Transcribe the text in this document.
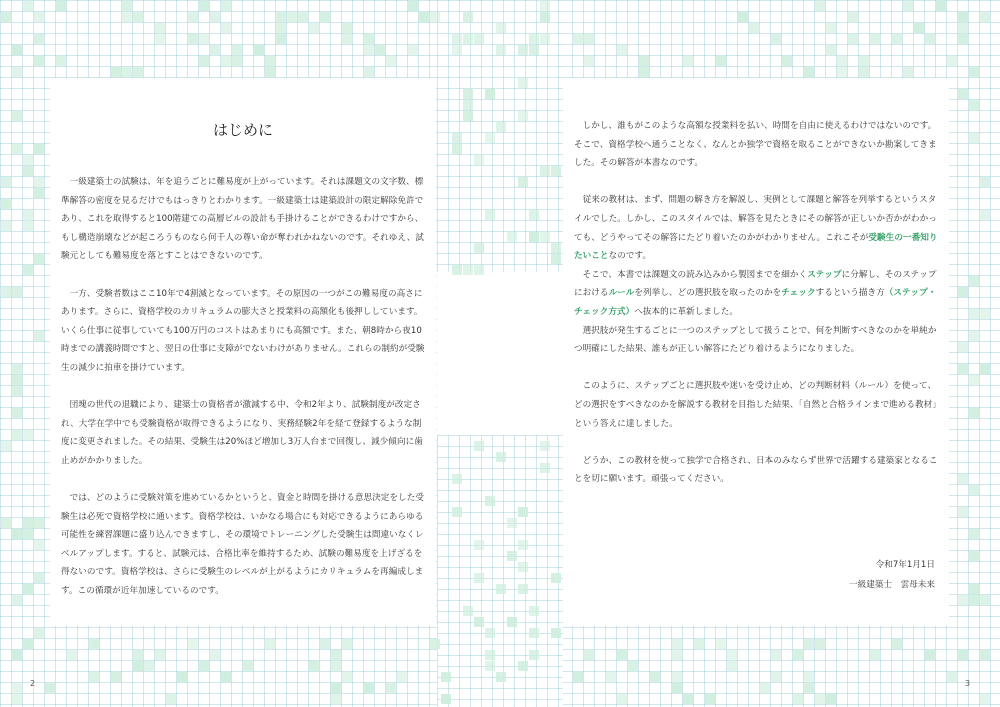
はじめに

一級建築士の試験は、年を追うごとに難易度が上がっています。それは課題文の文字数、標準解答の密度を見るだけでもはっきりとわかります。一級建築士は建築設計の限定解除免許であり、これを取得すると100階建ての高層ビルの設計も手掛けることができるわけですから、もし構造崩壊などが起ころうものなら何千人の尊い命が奪われかねないのです。それゆえ、試験元としても難易度を落とすことはできないのです。

一方、受験者数はここ10年で4割減となっています。その原因の一つがこの難易度の高さにあります。さらに、資格学校のカリキュラムの膨大さと授業料の高額化も後押ししています。いくら仕事に従事していても100万円のコストはあまりにも高額です。また、朝8時から夜10時までの講義時間ですと、翌日の仕事に支障がでないわけがありません。これらの制約が受験生の減少に拍車を掛けています。

団塊の世代の退職により、建築士の資格者が激減する中、令和2年より、試験制度が改定され、大学在学中でも受験資格が取得できるようになり、実務経験2年を経て登録するような制度に変更されました。その結果、受験生は20%ほど増加し3万人台まで回復し、減少傾向に歯止めがかかりました。

では、どのように受験対策を進めているかというと、資金と時間を掛ける意思決定をした受験生は必死で資格学校に通います。資格学校は、いかなる場合にも対応できるようにあらゆる可能性を練習課題に盛り込んできますし、その環境でトレーニングした受験生は間違いなくレベルアップします。すると、試験元は、合格比率を維持するため、試験の難易度を上げざるを得ないのです。資格学校は、さらに受験生のレベルが上がるようにカリキュラムを再編成します。この循環が近年加速しているのです。

しかし、誰もがこのような高額な授業料を払い、時間を自由に使えるわけではないのです。そこで、資格学校へ通うことなく、なんとか独学で資格を取ることができないか勘案してきました。その解答が本書なのです。

従来の教材は、まず、問題の解き方を解説し、実例として課題と解答を列挙するというスタイルでした。しかし、このスタイルでは、解答を見たときにその解答が正しいか否かがわかっても、どうやってその解答にたどり着いたのかがわかりません。これこそが受験生の一番知りたいことなのです。

そこで、本書では課題文の読み込みから製図までを細かくステップに分解し、そのステップにおけるルールを列挙し、どの選択肢を取ったのかをチェックするという描き方（ステップ・チェック方式）へ抜本的に革新しました。

選択肢が発生するごとに一つのステップとして扱うことで、何を判断すべきなのかを単純かつ明確にした結果、誰もが正しい解答にたどり着けるようになりました。

このように、ステップごとに選択肢や迷いを受け止め、どの判断材料（ルール）を使って、どの選択をすべきなのかを解説する教材を目指した結果、「自然と合格ラインまで進める教材」という答えに達しました。

どうか、この教材を使って独学で合格され、日本のみならず世界で活躍する建築家となることを切に願います。頑張ってください。

令和7年1月1日
一級建築士　雲母未来
2	3
